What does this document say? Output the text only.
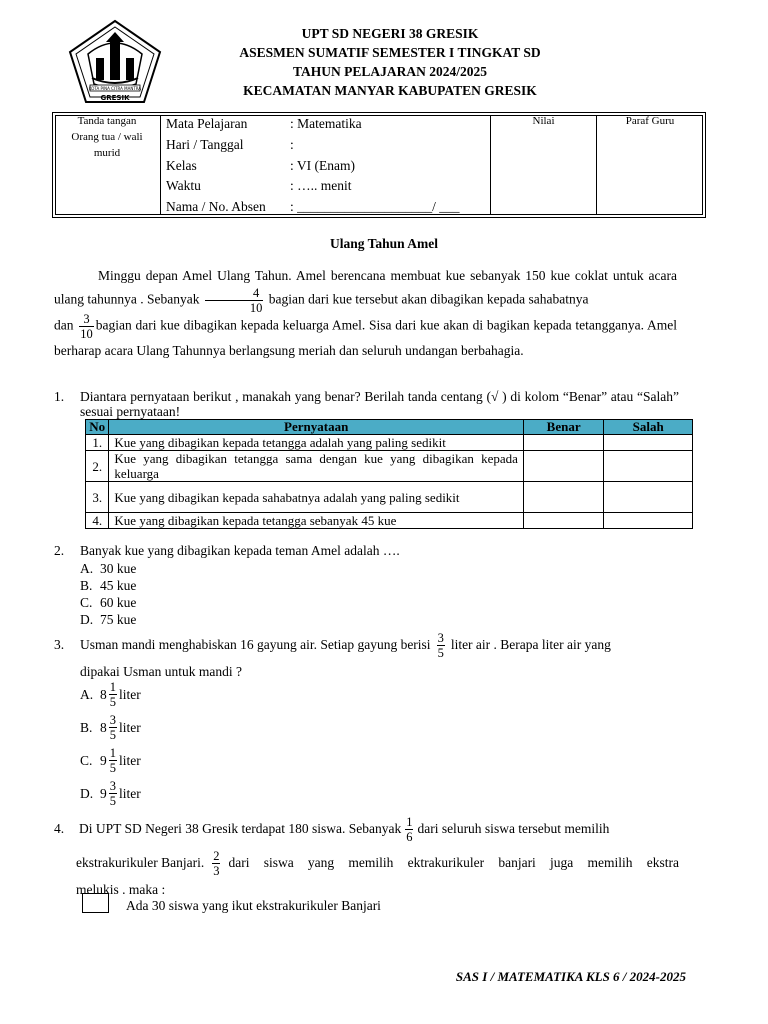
KOTA PINA CITRA MANTRA
GRESIK
UPT SD NEGERI 38 GRESIK
ASESMEN SUMATIF SEMESTER I TINGKAT SD
TAHUN PELAJARAN 2024/2025
KECAMATAN MANYAR KABUPATEN GRESIK
Tanda tangan
Orang tua / wali
murid
Mata Pelajaran	: Matematika
Hari / Tanggal	:
Kelas	: VI (Enam)
Waktu	: ….. menit
Nama / No. Absen : ____________________/ ___
Nilai	Paraf Guru
Ulang Tahun Amel
Minggu depan Amel Ulang Tahun. Amel berencana membuat kue sebanyak 150 kue coklat untuk acara ulang tahunnya . Sebanyak $\frac{4}{10}$ bagian dari kue tersebut akan dibagikan kepada sahabatnya
dan $\frac{3}{10}$ bagian dari kue dibagikan kepada keluarga Amel. Sisa dari kue akan di bagikan kepada tetangganya. Amel berharap acara Ulang Tahunnya berlangsung meriah dan seluruh undangan berbahagia.
1.	Diantara pernyataan berikut , manakah yang benar? Berilah tanda centang (√ ) di kolom “Benar” atau “Salah” sesuai pernyataan!
No	Pernyataan	Benar	Salah
1.	Kue yang dibagikan kepada tetangga adalah yang paling sedikit		
2.	Kue yang dibagikan tetangga sama dengan kue yang dibagikan kepada keluarga		
3.	Kue yang dibagikan kepada sahabatnya adalah yang paling sedikit		
4.	Kue yang dibagikan kepada tetangga sebanyak 45 kue		
2. Banyak kue yang dibagikan kepada teman Amel adalah ….
A. 30 kue
B. 45 kue
C. 60 kue
D. 75 kue
3.	Usman mandi menghabiskan 16 gayung air. Setiap gayung berisi $\frac{3}{5}$ liter air . Berapa liter air yang
dipakai Usman untuk mandi ?
A. $8 \frac{1}{5}$ liter
B. $8 \frac{3}{5}$ liter
C. $9 \frac{1}{5}$ liter
D. $9 \frac{3}{5}$ liter
4.	Di UPT SD Negeri 38 Gresik terdapat 180 siswa. Sebanyak $\frac{1}{6}$ dari seluruh siswa tersebut memilih
ekstrakurikuler Banjari. $\frac{2}{3}$ dari siswa yang memilih ektrakurikuler banjari juga memilih ekstra
melukis . maka :
Ada 30 siswa yang ikut ekstrakurikuler Banjari
SAS I / MATEMATIKA KLS 6 / 2024-2025
